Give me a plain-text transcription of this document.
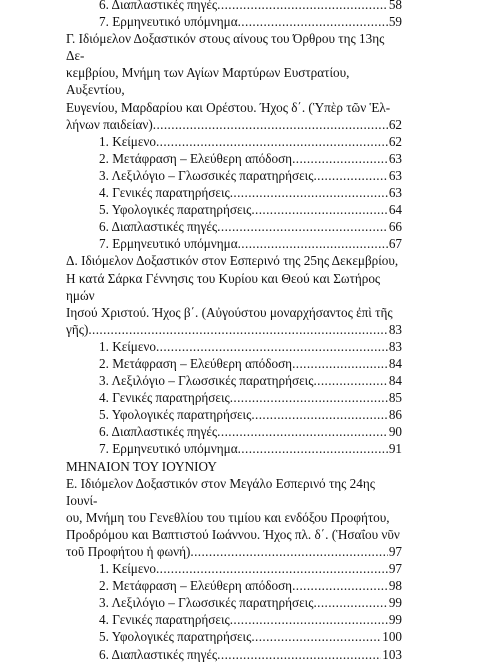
6. Διαπλαστικές πηγές .....	58
7. Ερμηνευτικό υπόμνημα .....	59
Γ. Ιδιόμελον Δοξαστικόν στους αίνους του Όρθρου της 13ης Δε-
κεμβρίου, Μνήμη των Αγίων Μαρτύρων Ευστρατίου, Αυξεντίου,
Ευγενίου, Μαρδαρίου και Ορέστου. Ήχος δ΄. (Ὑπὲρ τῶν Ἑλ-
λήνων παιδείαν) .....	62
1. Κείμενο .....	62
2. Μετάφραση – Ελεύθερη απόδοση .....	63
3. Λεξιλόγιο – Γλωσσικές παρατηρήσεις .....	63
4. Γενικές παρατηρήσεις .....	63
5. Υφολογικές παρατηρήσεις .....	64
6. Διαπλαστικές πηγές .....	66
7. Ερμηνευτικό υπόμνημα .....	67
Δ. Ιδιόμελον Δοξαστικόν στον Εσπερινό της 25ης Δεκεμβρίου,
Η κατά Σάρκα Γέννησις του Κυρίου και Θεού και Σωτήρος ημών
Ιησού Χριστού. Ήχος β΄. (Αὐγούστου μοναρχήσαντος ἐπὶ τῆς
γῆς) .....	83
1. Κείμενο .....	83
2. Μετάφραση – Ελεύθερη απόδοση .....	84
3. Λεξιλόγιο – Γλωσσικές παρατηρήσεις .....	84
4. Γενικές παρατηρήσεις .....	85
5. Υφολογικές παρατηρήσεις .....	86
6. Διαπλαστικές πηγές .....	90
7. Ερμηνευτικό υπόμνημα .....	91
ΜΗΝΑΙΟΝ ΤΟΥ ΙΟΥΝΙΟΥ
Ε. Ιδιόμελον Δοξαστικόν στον Μεγάλο Εσπερινό της 24ης Ιουνί-
ου, Μνήμη του Γενεθλίου του τιμίου και ενδόξου Προφήτου,
Προδρόμου και Βαπτιστού Ιωάννου. Ήχος πλ. δ΄. (Ἡσαΐου νῦν
τοῦ Προφήτου ἡ φωνή) .....	97
1. Κείμενο .....	97
2. Μετάφραση – Ελεύθερη απόδοση .....	98
3. Λεξιλόγιο – Γλωσσικές παρατηρήσεις .....	99
4. Γενικές παρατηρήσεις .....	99
5. Υφολογικές παρατηρήσεις .....	100
6. Διαπλαστικές πηγές .....	103
